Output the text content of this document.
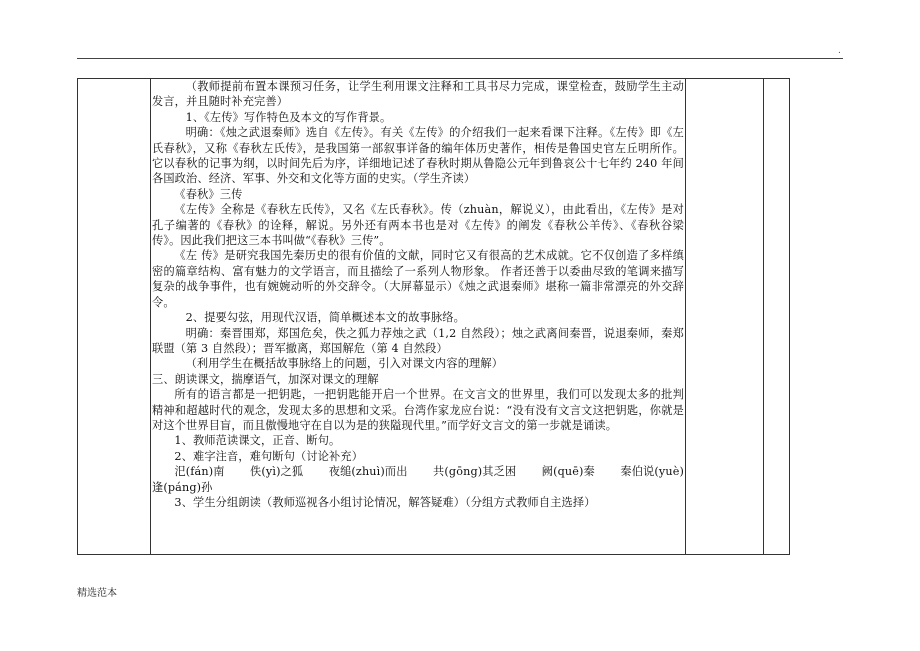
.

（教师提前布置本课预习任务，让学生利用课文注释和工具书尽力完成，课堂检查，鼓励学生主动发言，并且随时补充完善）

1、《左传》写作特色及本文的写作背景。

明确：《烛之武退秦师》选自《左传》。有关《左传》的介绍我们一起来看课下注释。《左传》即《左氏春秋》，又称《春秋左氏传》，是我国第一部叙事详备的编年体历史著作，相传是鲁国史官左丘明所作。它以春秋的记事为纲，以时间先后为序，详细地记述了春秋时期从鲁隐公元年到鲁哀公十七年约 240 年间各国政治、经济、军事、外交和文化等方面的史实。（学生齐读）

《春秋》三传

《左传》全称是《春秋左氏传》，又名《左氏春秋》。传（zhuàn，解说义），由此看出，《左传》是对孔子编著的《春秋》的诠释，解说。另外还有两本书也是对《左传》的阐发《春秋公羊传》、《春秋谷梁传》。因此我们把这三本书叫做“《春秋》三传”。

《左 传》是研究我国先秦历史的很有价值的文献，同时它又有很高的艺术成就。它不仅创造了多样缜密的篇章结构、富有魅力的文学语言，而且描绘了一系列人物形象。 作者还善于以委曲尽致的笔调来描写复杂的战争事件，也有婉婉动听的外交辞令。（大屏幕显示）《烛之武退秦师》堪称一篇非常漂亮的外交辞令。

2、提要勾弦，用现代汉语，简单概述本文的故事脉络。

明确：秦晋围郑，郑国危矣，佚之狐力荐烛之武（1,2 自然段）；烛之武离间秦晋，说退秦师，秦郑联盟（第 3 自然段）；晋军撤离，郑国解危（第 4 自然段）

（利用学生在概括故事脉络上的问题，引入对课文内容的理解）

三、朗读课文，揣摩语气，加深对课文的理解

所有的语言都是一把钥匙，一把钥匙能开启一个世界。在文言文的世界里，我们可以发现太多的批判精神和超越时代的观念，发现太多的思想和文采。台湾作家龙应台说：“没有没有文言文这把钥匙，你就是对这个世界目盲，而且傲慢地守在自以为是的狭隘现代里。”而学好文言文的第一步就是诵读。

1、教师范读课文，正音、断句。

2、难字注音，难句断句（讨论补充）

汜(fán)南 佚(yì)之狐 夜缒(zhuì)而出 共(gōng)其乏困 阙(quē)秦 秦伯说(yuè)

逢(páng)孙

3、学生分组朗读（教师巡视各小组讨论情况，解答疑难）（分组方式教师自主选择）

精选范本
